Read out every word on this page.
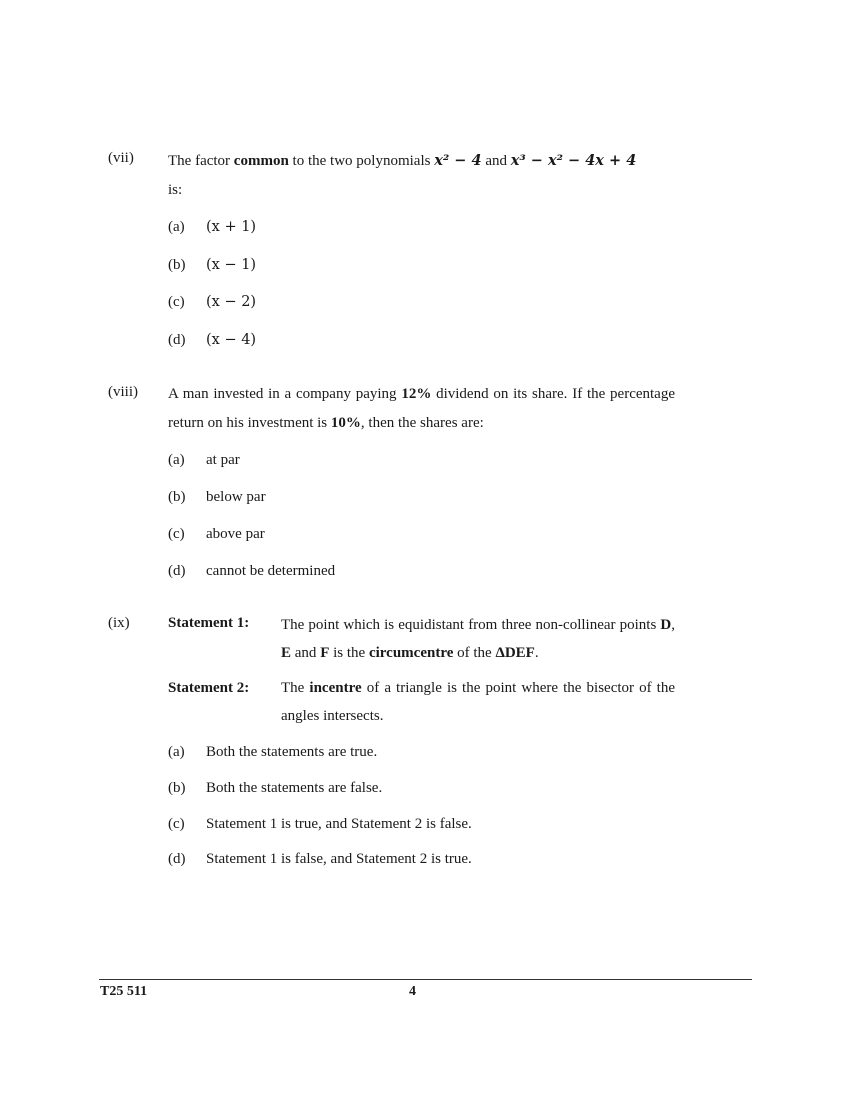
(vii) The factor common to the two polynomials x² − 4 and x³ − x² − 4x + 4
is:
(a) (x + 1)
(b) (x − 1)
(c) (x − 2)
(d) (x − 4)
(viii) A man invested in a company paying 12% dividend on its share. If the percentage return on his investment is 10%, then the shares are:
(a) at par
(b) below par
(c) above par
(d) cannot be determined
(ix)	Statement 1: The point which is equidistant from three non-collinear points D, E and F is the circumcentre of the ΔDEF.
Statement 2: The incentre of a triangle is the point where the bisector of the angles intersects.
(a) Both the statements are true.
(b) Both the statements are false.
(c) Statement 1 is true, and Statement 2 is false.
(d) Statement 1 is false, and Statement 2 is true.
T25 511	4
